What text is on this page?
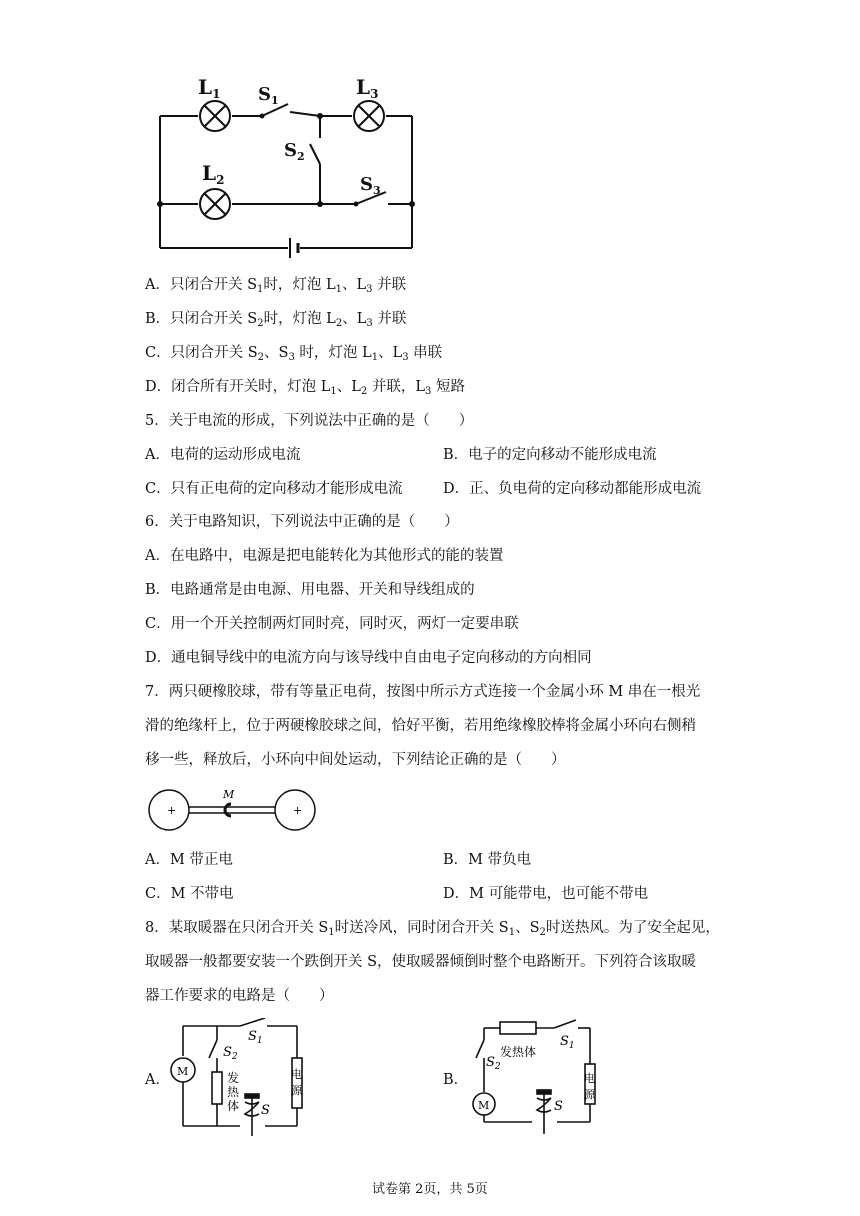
$L_1$ $S_1$
$L_3$
$S_2$
$L_2$	$S_3$
A．只闭合开关 $S_1$时，灯泡 $L_1$、$L_3$ 并联
B．只闭合开关 $S_2$时，灯泡 $L_2$、$L_3$ 并联
C．只闭合开关 $S_2$、$S_3$ 时，灯泡 $L_1$、$L_3$ 串联
D．闭合所有开关时，灯泡 $L_1$、$L_2$ 并联，$L_3$ 短路
5．关于电流的形成，下列说法中正确的是（　　）
A．电荷的运动形成电流	B．电子的定向移动不能形成电流
C．只有正电荷的定向移动才能形成电流	D．正、负电荷的定向移动都能形成电流
6．关于电路知识，下列说法中正确的是（　　）
A．在电路中，电源是把电能转化为其他形式的能的装置
B．电路通常是由电源、用电器、开关和导线组成的
C．用一个开关控制两灯同时亮，同时灭，两灯一定要串联
D．通电铜导线中的电流方向与该导线中自由电子定向移动的方向相同
7．两只硬橡胶球，带有等量正电荷，按图中所示方式连接一个金属小环 M 串在一根光
滑的绝缘杆上，位于两硬橡胶球之间，恰好平衡，若用绝缘橡胶棒将金属小环向右侧稍
移一些，释放后，小环向中间处运动，下列结论正确的是（　　）
+	+
M
A．M 带正电	B．M 带负电
C．M 不带电	D．M 可能带电，也可能不带电
8．某取暖器在只闭合开关 $S_1$时送冷风，同时闭合开关 $S_1$、$S_2$时送热风。为了安全起见，
取暖器一般都要安装一个跌倒开关 S，使取暖器倾倒时整个电路断开。下列符合该取暖
器工作要求的电路是（　　）
A．
M
$S_1$
$S_2$
发
热
体
电
源
S
B．
M
发热体
$S_1$
$S_2$
电
源
S
试卷第 2页，共 5页
